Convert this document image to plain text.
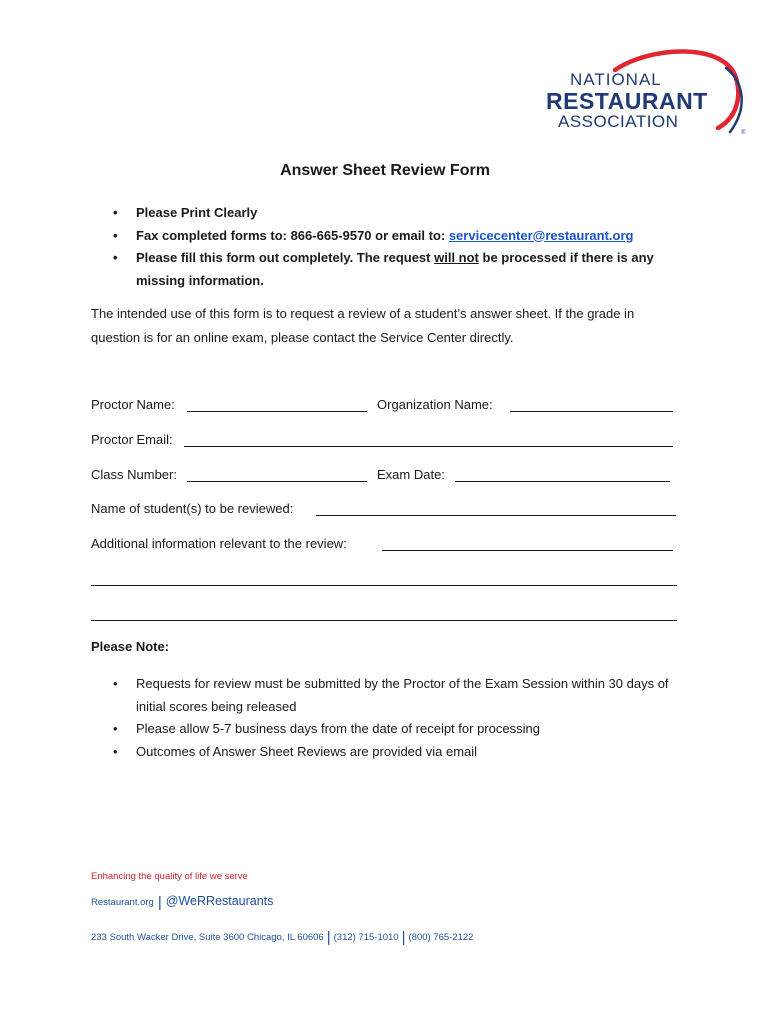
NATIONAL
RESTAURANT
ASSOCIATION
®
Answer Sheet Review Form
• Please Print Clearly
• Fax completed forms to: 866-665-9570 or email to: servicecenter@restaurant.org
• Please fill this form out completely. The request will not be processed if there is any missing information.

The intended use of this form is to request a review of a student’s answer sheet. If the grade in question is for an online exam, please contact the Service Center directly.

Proctor Name:	Organization Name:
Proctor Email:
Class Number:	Exam Date:
Name of student(s) to be reviewed:
Additional information relevant to the review:
Please Note:
• Requests for review must be submitted by the Proctor of the Exam Session within 30 days of initial scores being released
• Please allow 5-7 business days from the date of receipt for processing
• Outcomes of Answer Sheet Reviews are provided via email
Enhancing the quality of life we serve
Restaurant.org | @WeRRestaurants
233 South Wacker Drive, Suite 3600 Chicago, IL 60606 | (312) 715-1010 | (800) 765-2122
